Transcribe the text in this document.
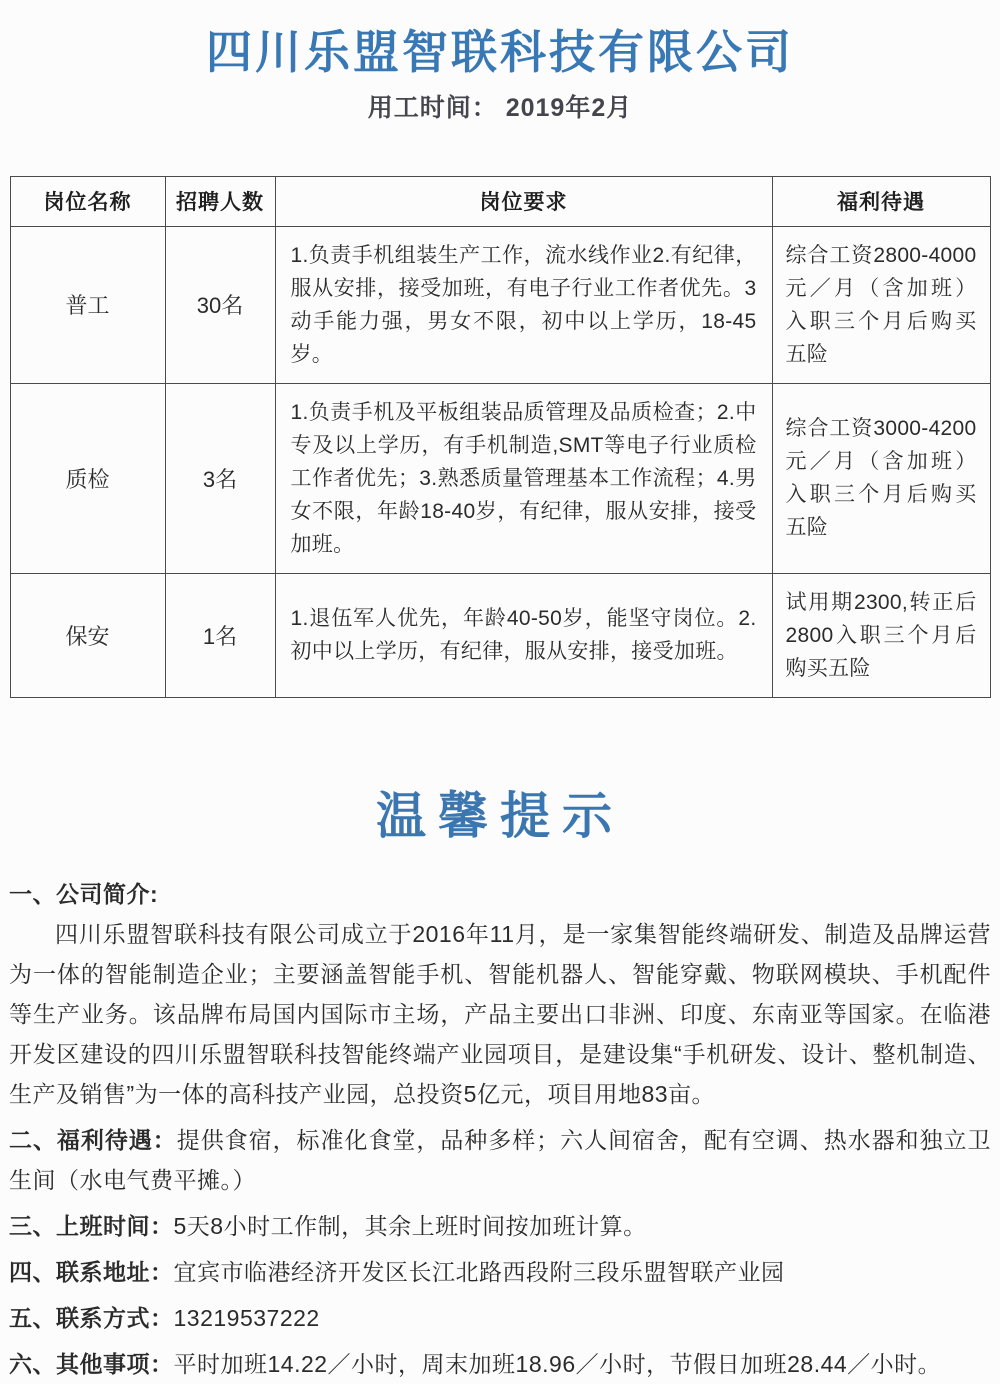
四川乐盟智联科技有限公司
用工时间： 2019年2月
岗位名称	招聘人数	岗位要求	福利待遇
普工	30名	1.负责手机组装生产工作，流水线作业2.有纪律，服从安排，接受加班，有电子行业工作者优先。3动手能力强，男女不限，初中以上学历，18-45岁。	综合工资2800-4000元／月（含加班）入职三个月后购买五险
质检	3名	1.负责手机及平板组装品质管理及品质检查；2.中专及以上学历，有手机制造,SMT等电子行业质检工作者优先；3.熟悉质量管理基本工作流程；4.男女不限，年龄18-40岁，有纪律，服从安排，接受加班。	综合工资3000-4200元／月（含加班）入职三个月后购买五险
保安	1名	1.退伍军人优先，年龄40-50岁，能坚守岗位。2.初中以上学历，有纪律，服从安排，接受加班。	试用期2300,转正后2800入职三个月后购买五险
温馨提示
一、公司简介:

四川乐盟智联科技有限公司成立于2016年11月，是一家集智能终端研发、制造及品牌运营为一体的智能制造企业；主要涵盖智能手机、智能机器人、智能穿戴、物联网模块、手机配件等生产业务。该品牌布局国内国际市主场，产品主要出口非洲、印度、东南亚等国家。在临港开发区建设的四川乐盟智联科技智能终端产业园项目，是建设集“手机研发、设计、整机制造、生产及销售”为一体的高科技产业园，总投资5亿元，项目用地83亩。

二、福利待遇：提供食宿，标准化食堂，品种多样；六人间宿舍，配有空调、热水器和独立卫生间（水电气费平摊。）
三、上班时间：5天8小时工作制，其余上班时间按加班计算。
四、联系地址：宜宾市临港经济开发区长江北路西段附三段乐盟智联产业园
五、联系方式：13219537222
六、其他事项：平时加班14.22／小时，周末加班18.96／小时，节假日加班28.44／小时。
